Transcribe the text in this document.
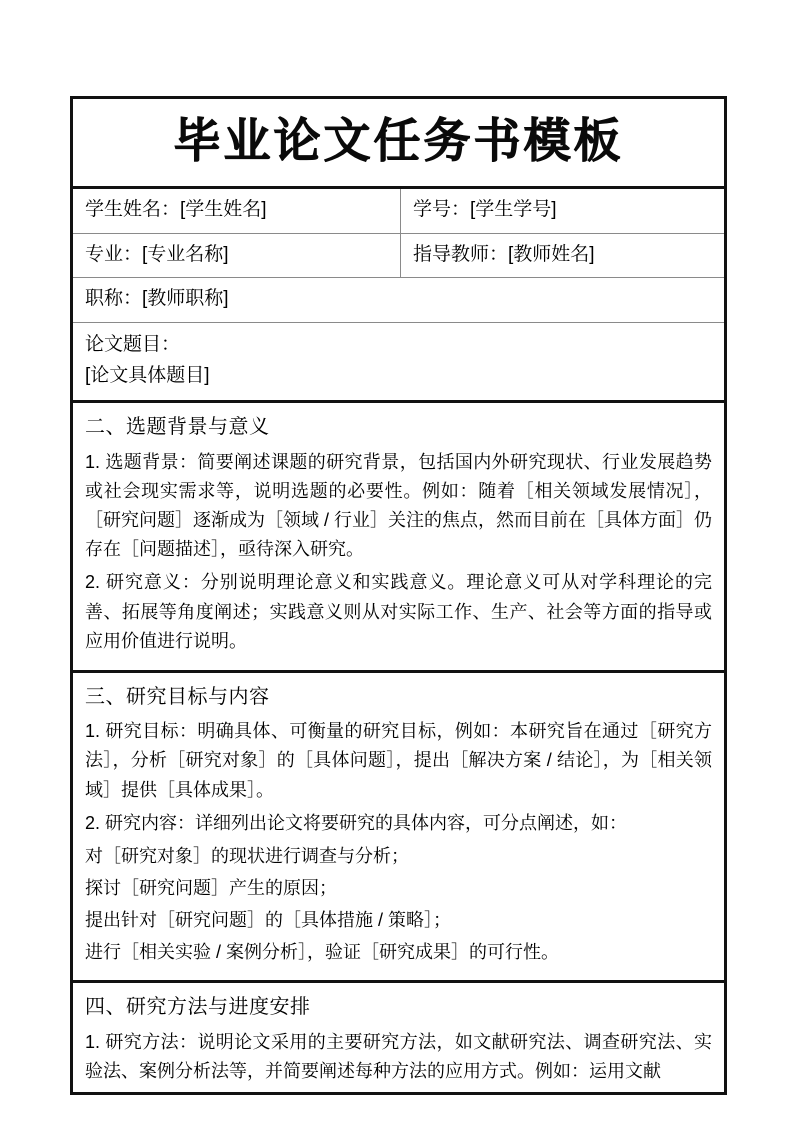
毕业论文任务书模板
学生姓名：[学生姓名]	学号：[学生学号]
专业：[专业名称]	指导教师：[教师姓名]
职称：[教师职称]
论文题目：
[论文具体题目]
二、选题背景与意义
1. 选题背景：简要阐述课题的研究背景，包括国内外研究现状、行业发展趋势或社会现实需求等，说明选题的必要性。例如：随着［相关领域发展情况］，［研究问题］逐渐成为［领域 / 行业］关注的焦点，然而目前在［具体方面］仍存在［问题描述］，亟待深入研究。
2. 研究意义：分别说明理论意义和实践意义。理论意义可从对学科理论的完善、拓展等角度阐述；实践意义则从对实际工作、生产、社会等方面的指导或应用价值进行说明。
三、研究目标与内容
1. 研究目标：明确具体、可衡量的研究目标，例如：本研究旨在通过［研究方法］，分析［研究对象］的［具体问题］，提出［解决方案 / 结论］，为［相关领域］提供［具体成果］。
2. 研究内容：详细列出论文将要研究的具体内容，可分点阐述，如：
对［研究对象］的现状进行调查与分析；
探讨［研究问题］产生的原因；
提出针对［研究问题］的［具体措施 / 策略］；
进行［相关实验 / 案例分析］，验证［研究成果］的可行性。
四、研究方法与进度安排
1. 研究方法：说明论文采用的主要研究方法，如文献研究法、调查研究法、实验法、案例分析法等，并简要阐述每种方法的应用方式。例如：运用文献
